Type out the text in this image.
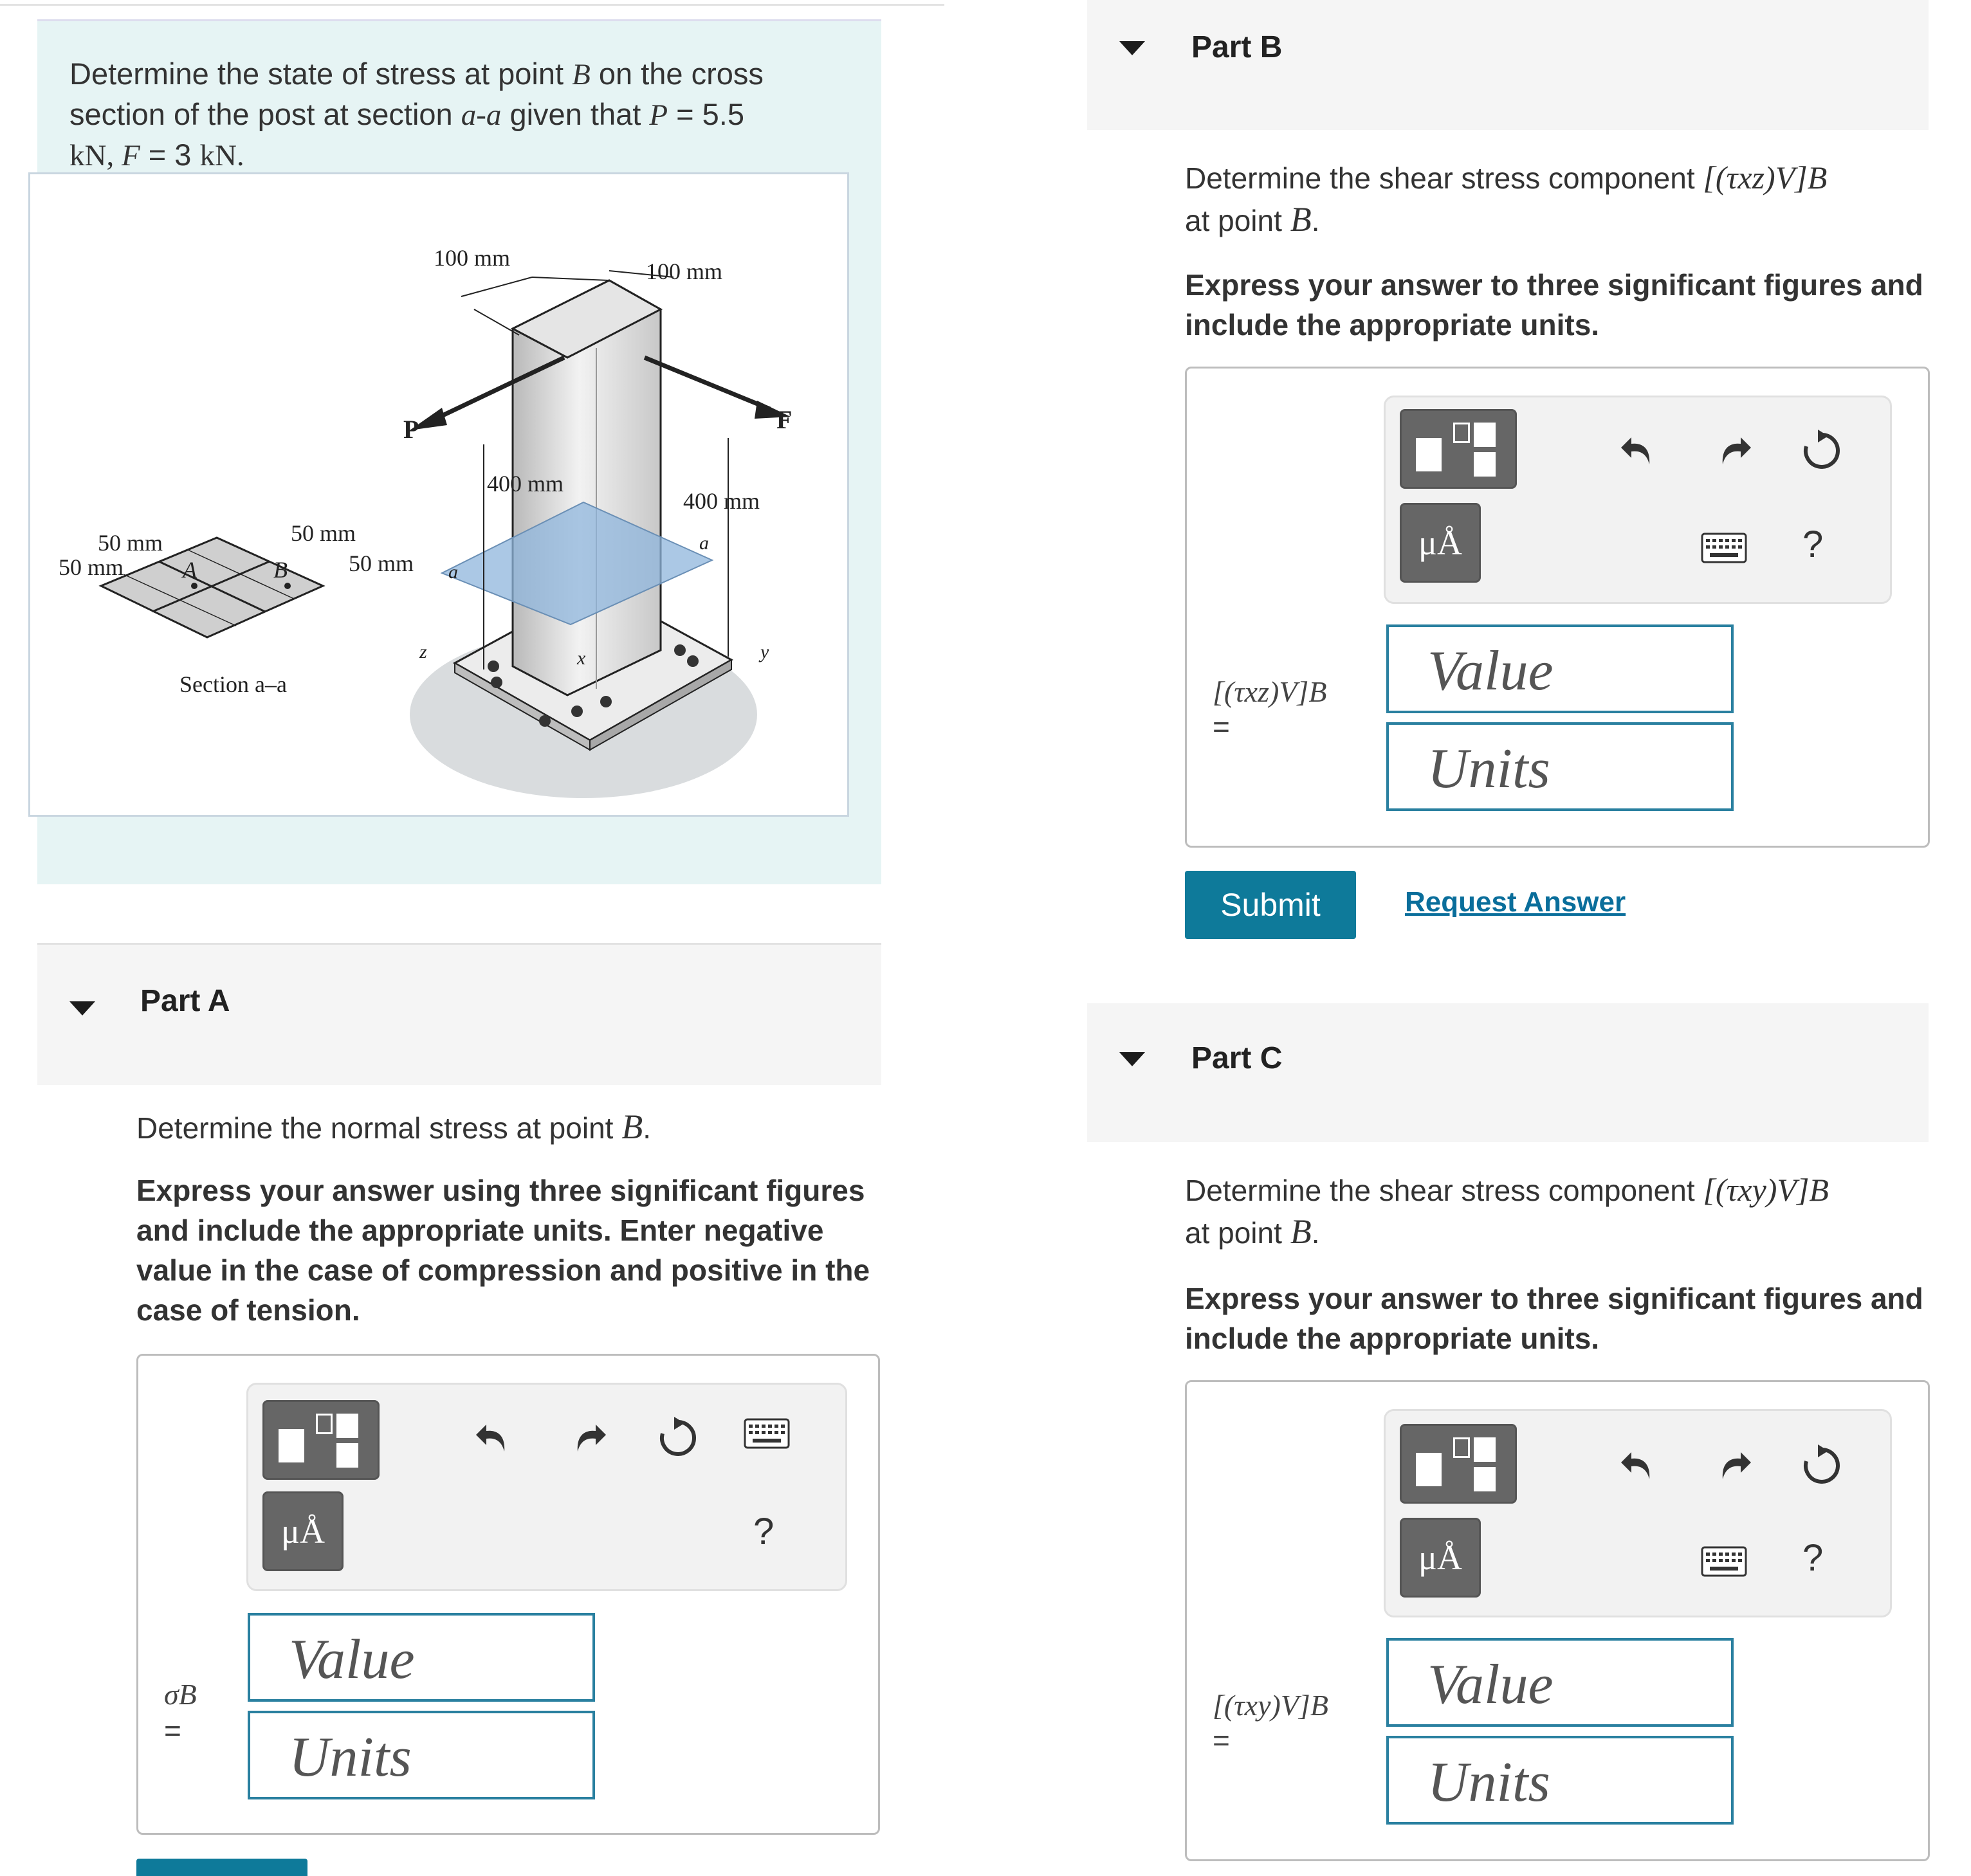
Determine the state of stress at point B on the cross
section of the post at section a-a given that P = 5.5
kN, F = 3 kN.
100 mm
100 mm
P	F
400 mm
400 mm
50 mm
50 mm
50 mm
50 mm
A	B
Section a–a
a
a
x	y
z
Part A
Determine the normal stress at point B.
Express your answer using three significant figures and include the appropriate units. Enter negative value in the case of compression and positive in the case of tension.
μÅ	?
σB
=
Value
Units
Part B
Determine the shear stress component [(τxz)V]B
at point B.
Express your answer to three significant figures and include the appropriate units.
μÅ	?
[(τxz)V]B
=
Value
Units
Submit	Request Answer
Part C
Determine the shear stress component [(τxy)V]B
at point B.
Express your answer to three significant figures and include the appropriate units.
μÅ	?
[(τxy)V]B
=
Value
Units
